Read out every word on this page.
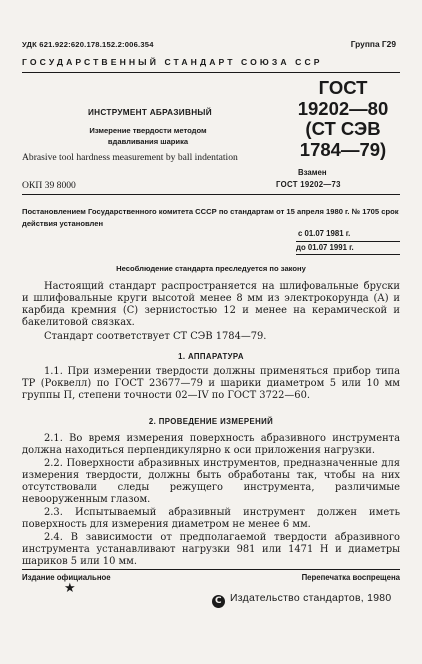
УДК 621.922:620.178.152.2:006.354	Группа Г29
ГОСУДАРСТВЕННЫЙ СТАНДАРТ СОЮЗА ССР
ИНСТРУМЕНТ АБРАЗИВНЫЙ
Измерение твердости методом
вдавливания шарика
Abrasive tool hardness measurement by ball indentation
ГОСТ
19202—80
(СТ СЭВ
1784—79)
Взамен
ГОСТ 19202—73
ОКП 39 8000
Постановлением Государственного комитета СССР по стандартам от 15 апреля 1980 г. № 1705 срок действия установлен
с 01.07 1981 г.
до 01.07 1991 г.
Несоблюдение стандарта преследуется по закону
Настоящий стандарт распространяется на шлифовальные бруски и шлифовальные круги высотой менее 8 мм из электрокорунда (А) и карбида кремния (С) зернистостью 12 и менее на керамической и бакелитовой связках.
Стандарт соответствует СТ СЭВ 1784—79.
1. АППАРАТУРА
1.1. При измерении твердости должны применяться прибор типа ТР (Роквелл) по ГОСТ 23677—79 и шарики диаметром 5 или 10 мм группы П, степени точности 02—IV по ГОСТ 3722—60.
2. ПРОВЕДЕНИЕ ИЗМЕРЕНИЙ
2.1. Во время измерения поверхность абразивного инструмента должна находиться перпендикулярно к оси приложения нагрузки.
2.2. Поверхности абразивных инструментов, предназначенные для измерения твердости, должны быть обработаны так, чтобы на них отсутствовали следы режущего инструмента, различимые невооруженным глазом.
2.3. Испытываемый абразивный инструмент должен иметь поверхность для измерения диаметром не менее 6 мм.
2.4. В зависимости от предполагаемой твердости абразивного инструмента устанавливают нагрузки 981 или 1471 Н и диаметры шариков 5 или 10 мм.
Издание официальное	Перепечатка воспрещена
★
С Издательство стандартов, 1980
